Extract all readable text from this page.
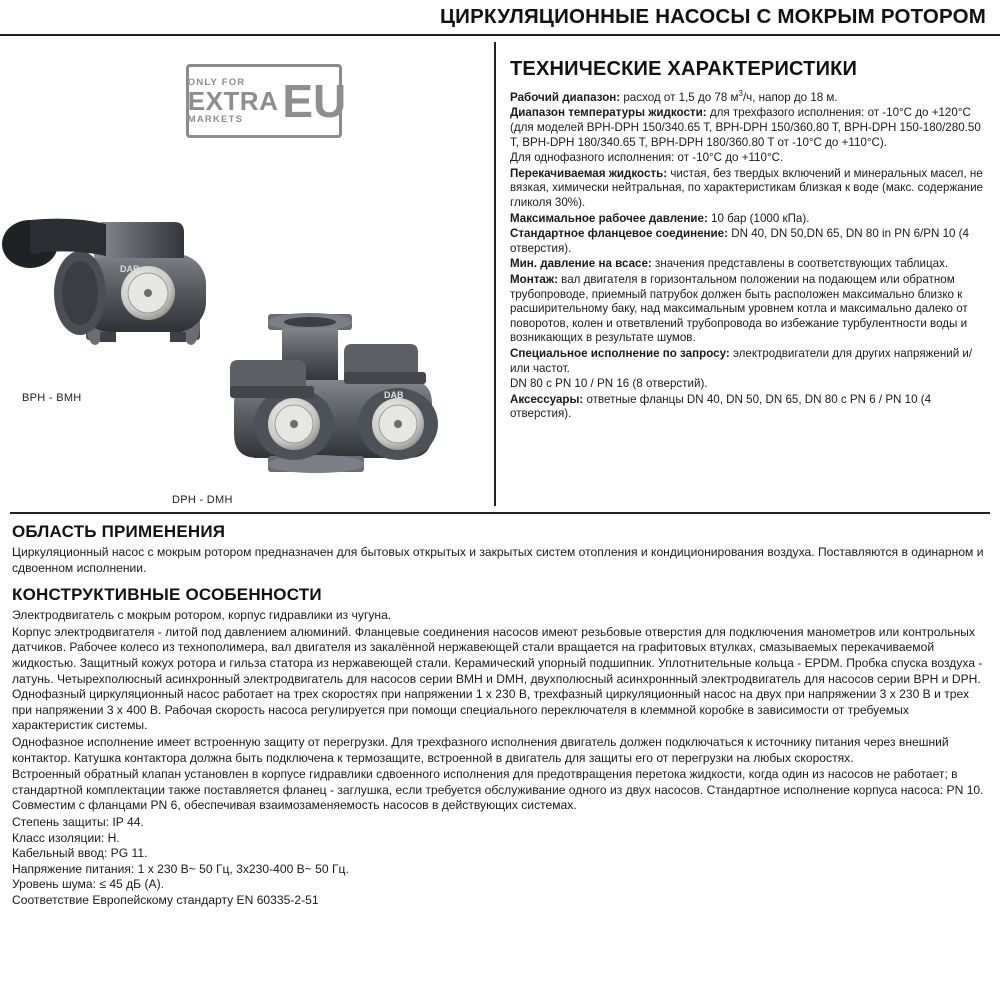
ЦИРКУЛЯЦИОННЫЕ НАСОСЫ С МОКРЫМ РОТОРОМ
ONLY FOR
EXTRA
MARKETS EU
DAB
BPH - BMH	DAB
DPH - DMH
ТЕХНИЧЕСКИЕ ХАРАКТЕРИСТИКИ

Рабочий диапазон: расход от 1,5 до 78 $м^3/ч$, напор до 18 м.

Диапазон температуры жидкости: для трехфазого исполнения: от -10°C до +120°C (для моделей BPH-DPH 150/340.65 T, BPH-DPH 150/360.80 T, BPH-DPH 150-180/280.50 T, BPH-DPH 180/340.65 T, BPH-DPH 180/360.80 T от -10°C до +110°C).

Для однофазного исполнения: от -10°C до +110°C.

Перекачиваемая жидкость: чистая, без твердых включений и минеральных масел, не вязкая, химически нейтральная, по характеристикам близкая к воде (макс. содержание гликоля 30%).

Максимальное рабочее давление: 10 бар (1000 кПа).

Стандартное фланцевое соединение: DN 40, DN 50,DN 65, DN 80 in PN 6/PN 10 (4 отверстия).

Мин. давление на всасе: значения представлены в соответствующих таблицах.

Монтаж: вал двигателя в горизонтальном положении на подающем или обратном трубопроводе, приемный патрубок должен быть расположен максимально близко к расширительному баку, над максимальным уровнем котла и максимально далеко от поворотов, колен и ответвлений трубопровода во избежание турбулентности воды и возникающих в результате шумов.

Специальное исполнение по запросу: электродвигатели для других напряжений и/или частот.

DN 80 c PN 10 / PN 16 (8 отверстий).

Аксессуары: ответные фланцы DN 40, DN 50, DN 65, DN 80 c PN 6 / PN 10 (4 отверстия).

ОБЛАСТЬ ПРИМЕНЕНИЯ

Циркуляционный насос с мокрым ротором предназначен для бытовых открытых и закрытых систем отопления и кондиционирования воздуха. Поставляются в одинарном и сдвоенном исполнении.

КОНСТРУКТИВНЫЕ ОСОБЕННОСТИ

Электродвигатель с мокрым ротором, корпус гидравлики из чугуна.

Корпус электродвигателя - литой под давлением алюминий. Фланцевые соединения насосов имеют резьбовые отверстия для подключения манометров или контрольных датчиков. Рабочее колесо из технополимера, вал двигателя из закалённой нержавеющей стали вращается на графитовых втулках, смазываемых перекачиваемой жидкостью. Защитный кожух ротора и гильза статора из нержавеющей стали. Керамический упорный подшипник. Уплотнительные кольца - EPDM. Пробка спуска воздуха - латунь. Четырехполюсный асинхронный электродвигатель для насосов серии BMH и DMH, двухполюсный асинхроннный электродвигатель для насосов серии BPH и DPH. Однофазный циркуляционный насос работает на трех скоростях при напряжении 1 х 230 В, трехфазный циркуляционный насос на двух при напряжении 3 х 230 В и трех при напряжении 3 х 400 В. Рабочая скорость насоса регулируется при помощи специального переключателя в клеммной коробке в зависимости от требуемых характеристик системы.

Однофазное исполнение имеет встроенную защиту от перегрузки. Для трехфазного исполнения двигатель должен подключаться к источнику питания через внешний контактор. Катушка контактора должна быть подключена к термозащите, встроенной в двигатель для защиты его от перегрузки на любых скоростях.

Встроенный обратный клапан установлен в корпусе гидравлики сдвоенного исполнения для предотвращения перетока жидкости, когда один из насосов не работает; в стандартной комплектации также поставляется фланец - заглушка, если требуется обслуживание одного из двух насосов. Стандартное исполнение корпуса насоса: PN 10. Совместим с фланцами PN 6, обеспечивая взаимозаменяемость насосов в действующих системах.

Степень защиты: IP 44.

Класс изоляции: H.

Кабельный ввод: PG 11.

Напряжение питания: 1 х 230 В~ 50 Гц, 3х230-400 В~ 50 Гц.

Уровень шума: ≤ 45 дБ (А).

Соответствие Европейскому стандарту EN 60335-2-51
